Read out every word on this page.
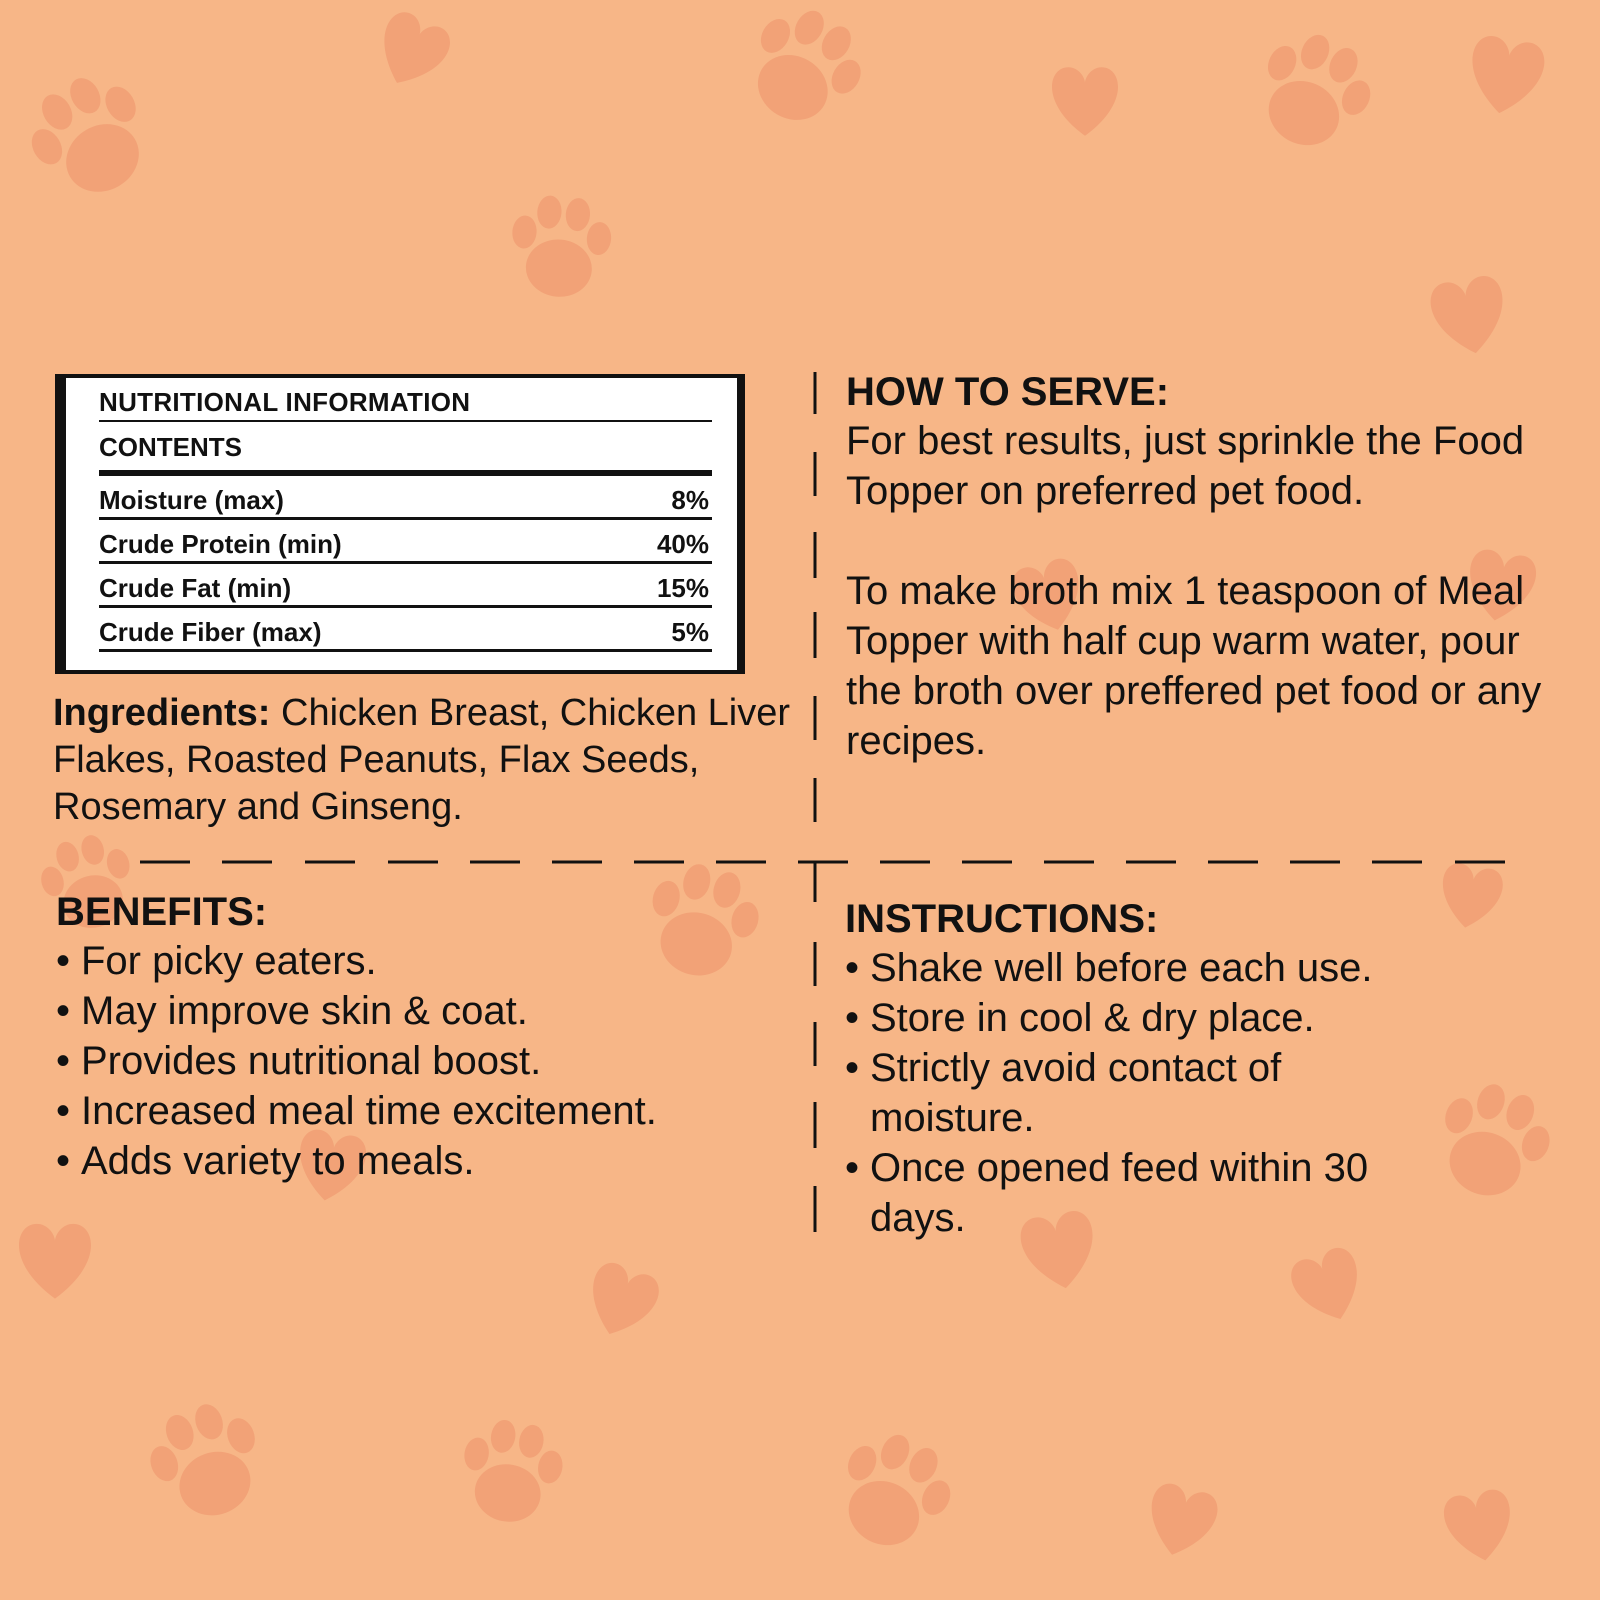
NUTRITIONAL INFORMATION
CONTENTS
Moisture (max)	8%
Crude Protein (min)	40%
Crude Fat (min)	15%
Crude Fiber (max)	5%
Ingredients: Chicken Breast, Chicken Liver Flakes, Roasted Peanuts, Flax Seeds, Rosemary and Ginseng.
HOW TO SERVE:

For best results, just sprinkle the Food Topper on preferred pet food.

To make broth mix 1 teaspoon of Meal Topper with half cup warm water, pour the broth over preffered pet food or any recipes.

BENEFITS:
• For picky eaters.
• May improve skin & coat.
• Provides nutritional boost.
• Increased meal time excitement.
• Adds variety to meals.
INSTRUCTIONS:
• Shake well before each use.
• Store in cool & dry place.
• Strictly avoid contact of moisture.
• Once opened feed within 30 days.
